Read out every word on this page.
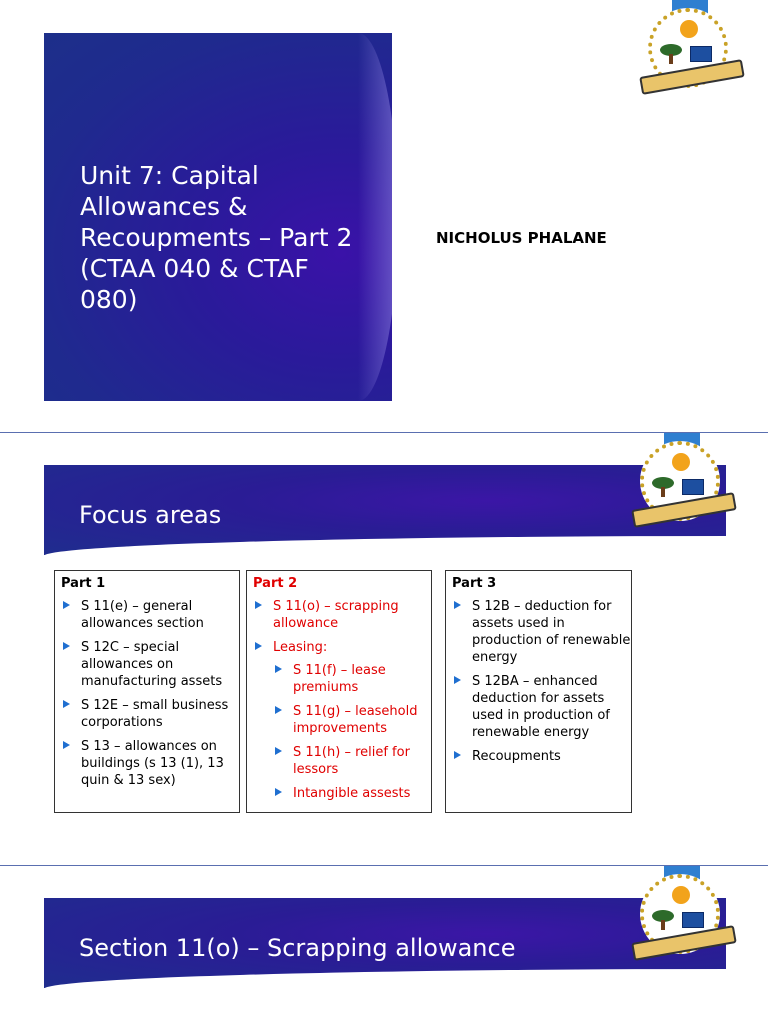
Unit 7: Capital
Allowances &
Recoupments – Part 2
(CTAA 040 & CTAF
080)
NICHOLUS PHALANE
Focus areas
Part 1
S 11(e) – general allowances section
S 12C – special allowances on manufacturing assets
S 12E – small business corporations
S 13 – allowances on buildings (s 13 (1), 13 quin & 13 sex)
Part 2
S 11(o) – scrapping allowance
Leasing:
S 11(f) – lease premiums
S 11(g) – leasehold improvements
S 11(h) – relief for lessors
Intangible assests
Part 3
S 12B – deduction for assets used in production of renewable energy
S 12BA – enhanced deduction for assets used in production of renewable energy
Recoupments
Section 11(o) – Scrapping allowance
